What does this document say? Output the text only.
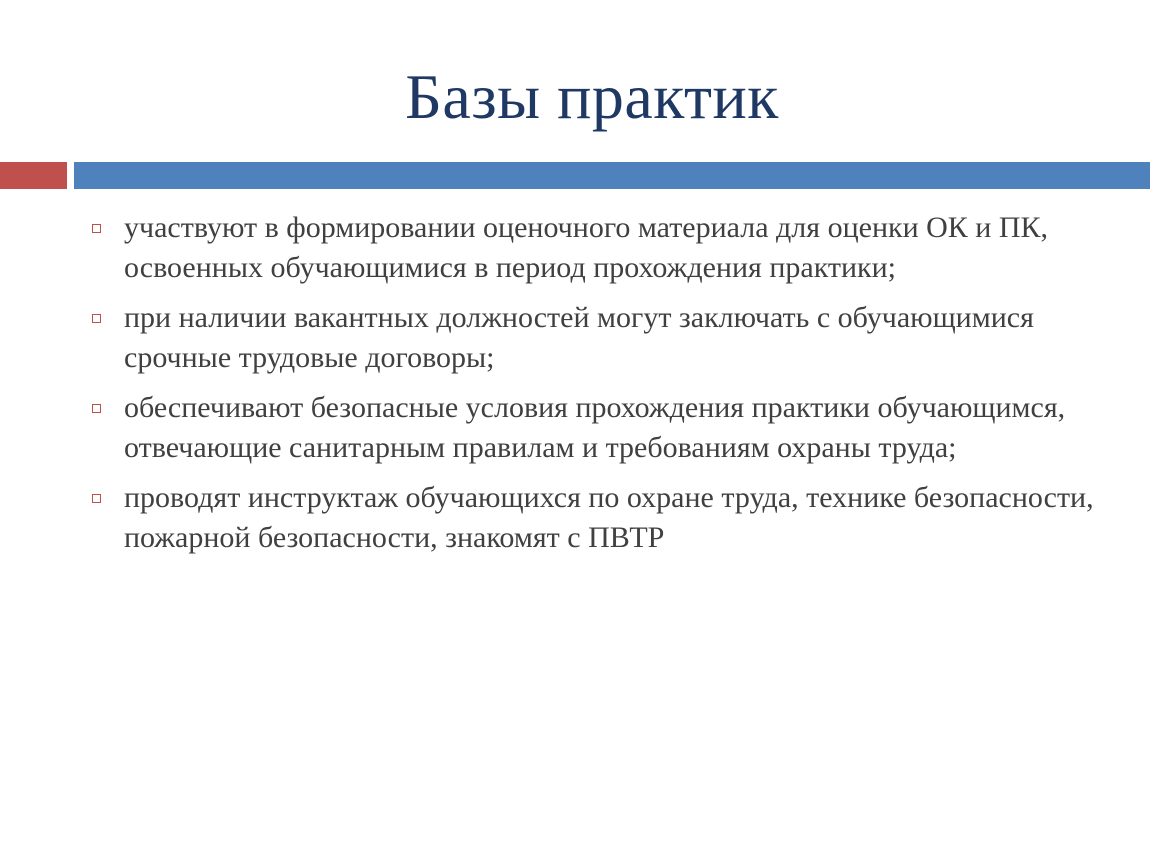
Базы практик
участвуют в формировании оценочного материала для оценки ОК и ПК, освоенных обучающимися в период прохождения практики;
при наличии вакантных должностей могут заключать с обучающимися срочные трудовые договоры;
обеспечивают безопасные условия прохождения практики обучающимся, отвечающие санитарным правилам и требованиям охраны труда;
проводят инструктаж обучающихся по охране труда, технике безопасности, пожарной безопасности, знакомят с ПВТР
